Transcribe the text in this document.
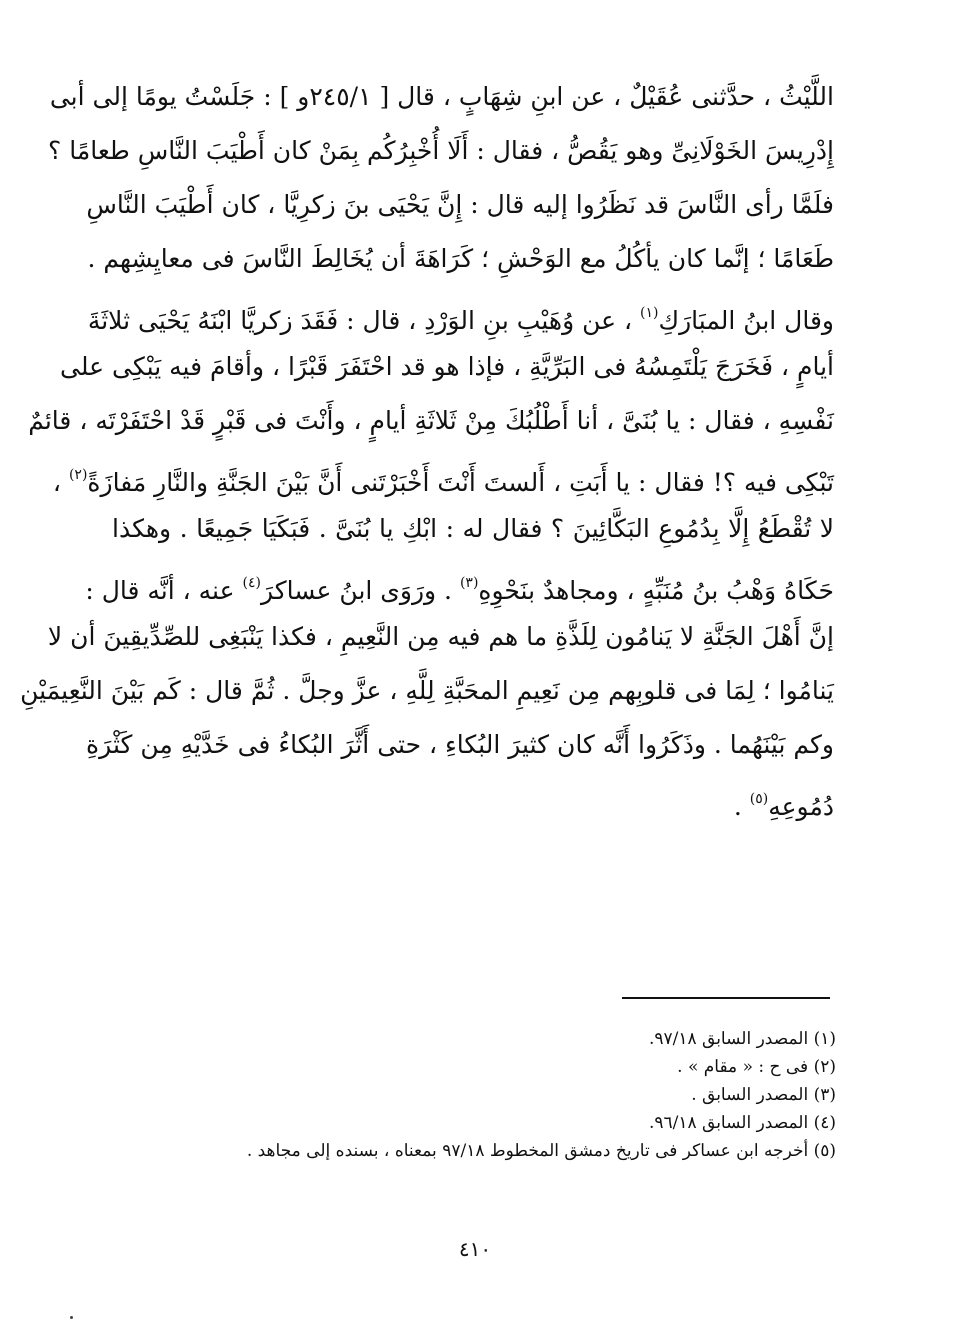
اللَّيْثُ ، حدَّثنى عُقَيْلٌ ، عن ابنِ شِهَابٍ ، قال [ ٢٤٥/١و ] : جَلَسْتُ يومًا إلى أبى
إِدْرِيسَ الخَوْلَانِىِّ وهو يَقُصُّ ، فقال : أَلَا أُخْبِرُكُم بِمَنْ كان أَطْيَبَ النَّاسِ طعامًا ؟
فلَمَّا رأى النَّاسَ قد نَظَرُوا إليه قال : إِنَّ يَحْيَى بنَ زكرِيَّا ، كان أَطْيَبَ النَّاسِ
طَعَامًا ؛ إنَّما كان يأكُلُ مع الوَحْشِ ؛ كَرَاهَةَ أن يُخَالِطَ النَّاسَ فى معايِشِهم .
وقال ابنُ المبَارَكِ$^{(١)}$ ، عن وُهَيْبِ بنِ الوَرْدِ ، قال : فَقَدَ زكريَّا ابْنَهُ يَحْيَى ثلاثَةَ
أيامٍ ، فَخَرَجَ يَلْتَمِسُهُ فى البَرِّيَّةِ ، فإذا هو قد احْتَفَرَ قَبْرًا ، وأقامَ فيه يَبْكِى على
نَفْسِهِ ، فقال : يا بُنَىَّ ، أنا أَطْلُبُكَ مِنْ ثَلاثَةِ أيامٍ ، وأَنْتَ فى قَبْرٍ قَدْ احْتَفَرْتَه ، قائمٌ
تَبْكِى فيه ؟! فقال : يا أَبَتِ ، أَلستَ أَنْتَ أَخْبَرْتَنى أَنَّ بَيْنَ الجَنَّةِ والنَّارِ مَفازَةً$^{(٢)}$ ،
لا تُقْطَعُ إِلَّا بِدُمُوعِ البَكَّائِينَ ؟ فقال له : ابْكِ يا بُنَىَّ . فَبَكَيَا جَمِيعًا . وهكذا
حَكَاهُ وَهْبُ بنُ مُنَبِّهٍ ، ومجاهدٌ بنَحْوِهِ$^{(٣)}$ . ورَوَى ابنُ عساكرَ$^{(٤)}$ عنه ، أنَّه قال :
إنَّ أَهْلَ الجَنَّةِ لا يَنامُون لِلَذَّةِ ما هم فيه مِن النَّعِيمِ ، فكذا يَنْبَغِى للصِّدِّيقِينَ أن لا
يَنامُوا ؛ لِمَا فى قلوبِهم مِن نَعِيمِ المحَبَّةِ لِلَّهِ ، عزَّ وجلَّ . ثُمَّ قال : كَم بَيْنَ النَّعِيمَيْنِ
وكم بَيْنَهُما . وذَكَرُوا أَنَّه كان كثيرَ البُكاءِ ، حتى أَثَّرَ البُكاءُ فى خَدَّيْهِ مِن كَثْرَةِ
دُمُوعِهِ$^{(٥)}$ .
(١) المصدر السابق ٩٧/١٨.
(٢) فى ح : « مقام » .
(٣) المصدر السابق .
(٤) المصدر السابق ٩٦/١٨.
(٥) أخرجه ابن عساكر فى تاريخ دمشق المخطوط ٩٧/١٨ بمعناه ، بسنده إلى مجاهد .
٤١٠
